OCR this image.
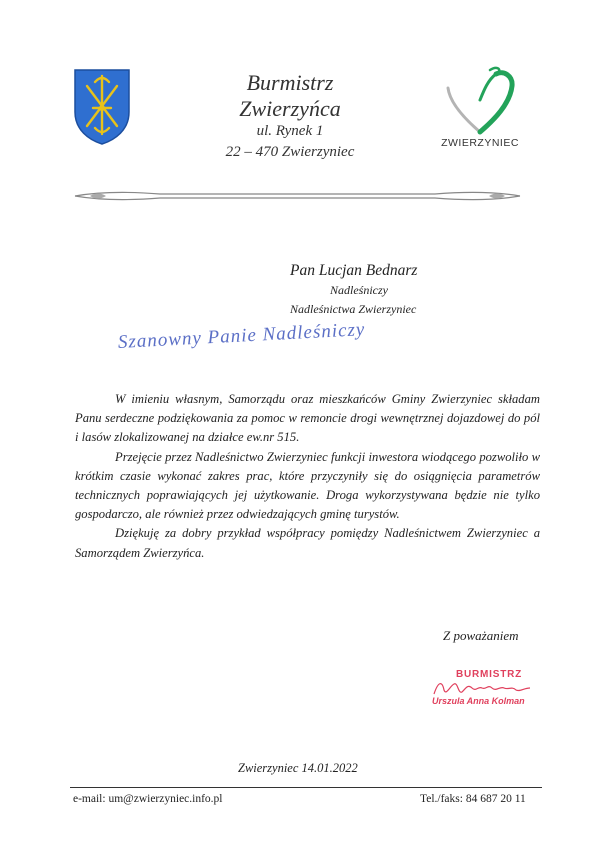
Burmistrz
Zwierzyńca
ul. Rynek 1
22 – 470 Zwierzyniec
ZWIERZYNIEC
Pan Lucjan Bednarz
Nadleśniczy
Nadleśnictwa Zwierzyniec
Szanowny Panie Nadleśniczy

W imieniu własnym, Samorządu oraz mieszkańców Gminy Zwierzyniec składam Panu serdeczne podziękowania za pomoc w remoncie drogi wewnętrznej dojazdowej do pól i lasów zlokalizowanej na działce ew.nr 515.

Przejęcie przez Nadleśnictwo Zwierzyniec funkcji inwestora wiodącego pozwoliło w krótkim czasie wykonać zakres prac, które przyczyniły się do osiągnięcia parametrów technicznych poprawiających jej użytkowanie. Droga wykorzystywana będzie nie tylko gospodarczo, ale również przez odwiedzających gminę turystów.

Dziękuję za dobry przykład współpracy pomiędzy Nadleśnictwem Zwierzyniec a Samorządem Zwierzyńca.

Z poważaniem
BURMISTRZ
Urszula Anna Kolman
Zwierzyniec 14.01.2022
e-mail: um@zwierzyniec.info.pl	Tel./faks: 84 687 20 11
